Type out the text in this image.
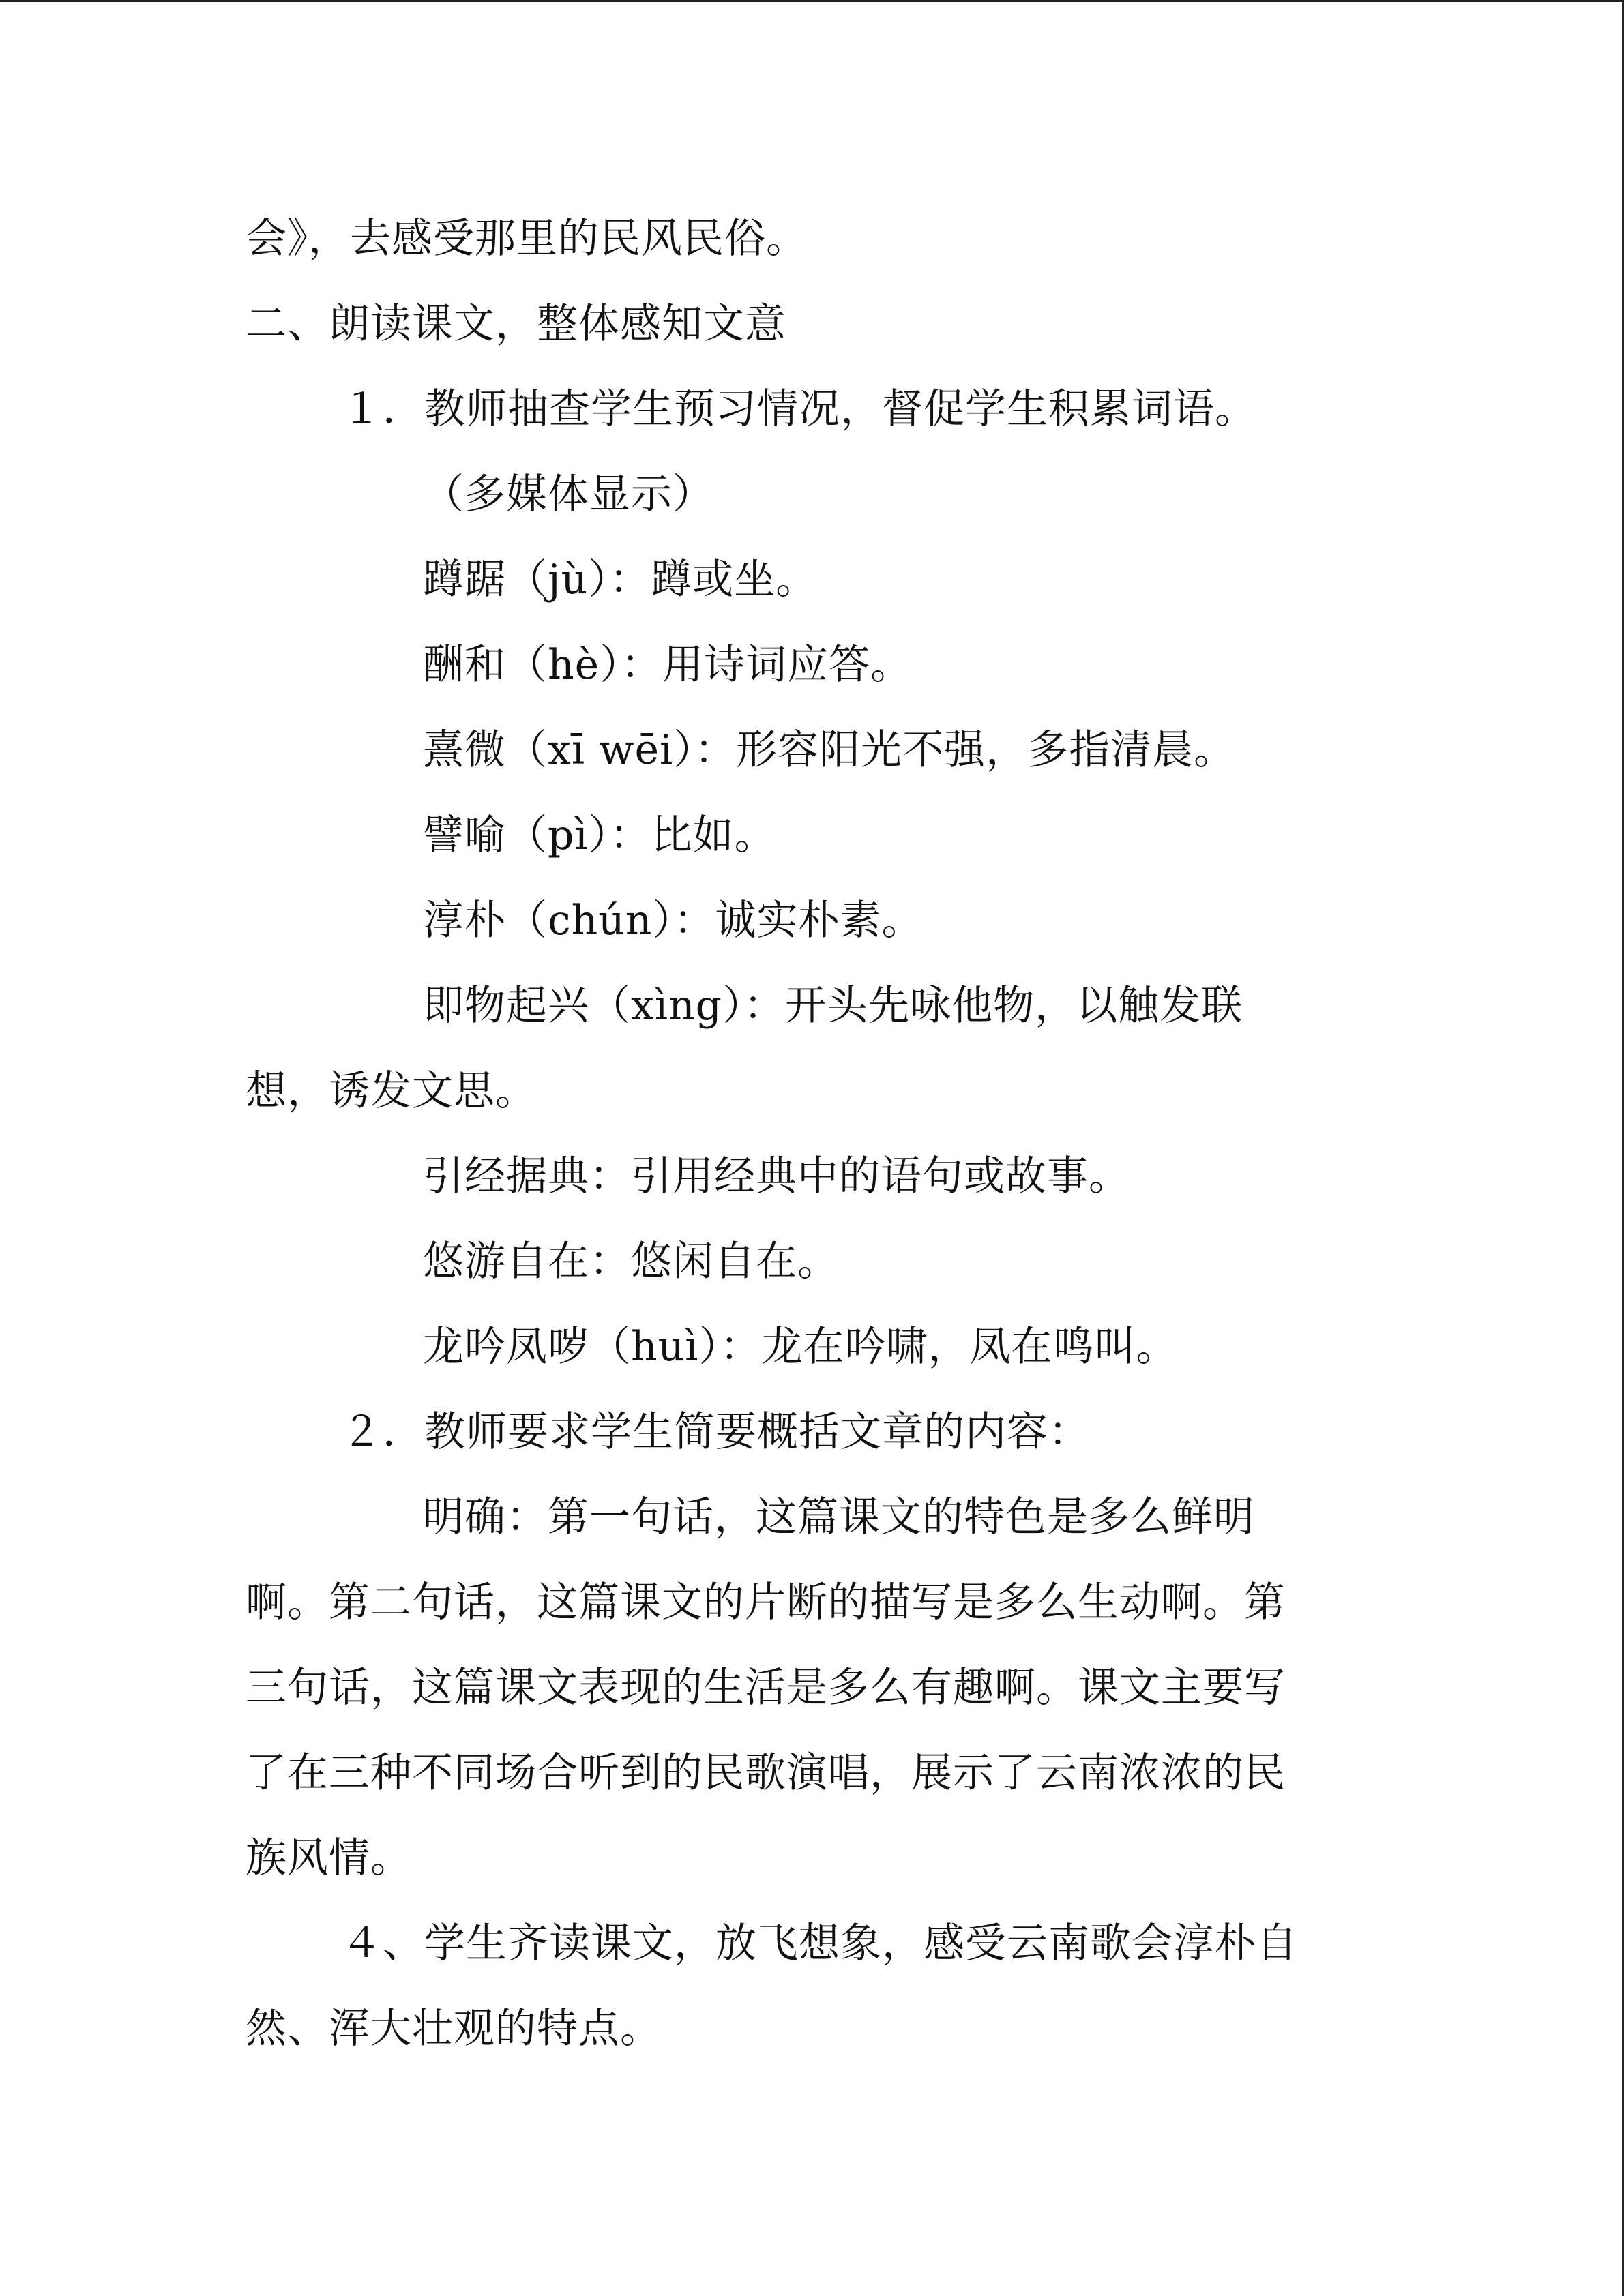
会》，去感受那里的民风民俗。
二、朗读课文，整体感知文意
１．教师抽查学生预习情况，督促学生积累词语。
（多媒体显示）
蹲踞（jù）：蹲或坐。
酬和（hè）：用诗词应答。
熹微（xī wēi）：形容阳光不强，多指清晨。
譬喻（pì）：比如。
淳朴（chún）：诚实朴素。
即物起兴（xìng）：开头先咏他物，以触发联
想，诱发文思。
引经据典：引用经典中的语句或故事。
悠游自在：悠闲自在。
龙吟凤哕（huì）：龙在吟啸，凤在鸣叫。
２．教师要求学生简要概括文章的内容：
明确：第一句话，这篇课文的特色是多么鲜明
啊。第二句话，这篇课文的片断的描写是多么生动啊。第
三句话，这篇课文表现的生活是多么有趣啊。课文主要写
了在三种不同场合听到的民歌演唱，展示了云南浓浓的民
族风情。
４、学生齐读课文，放飞想象，感受云南歌会淳朴自
然、浑大壮观的特点。
